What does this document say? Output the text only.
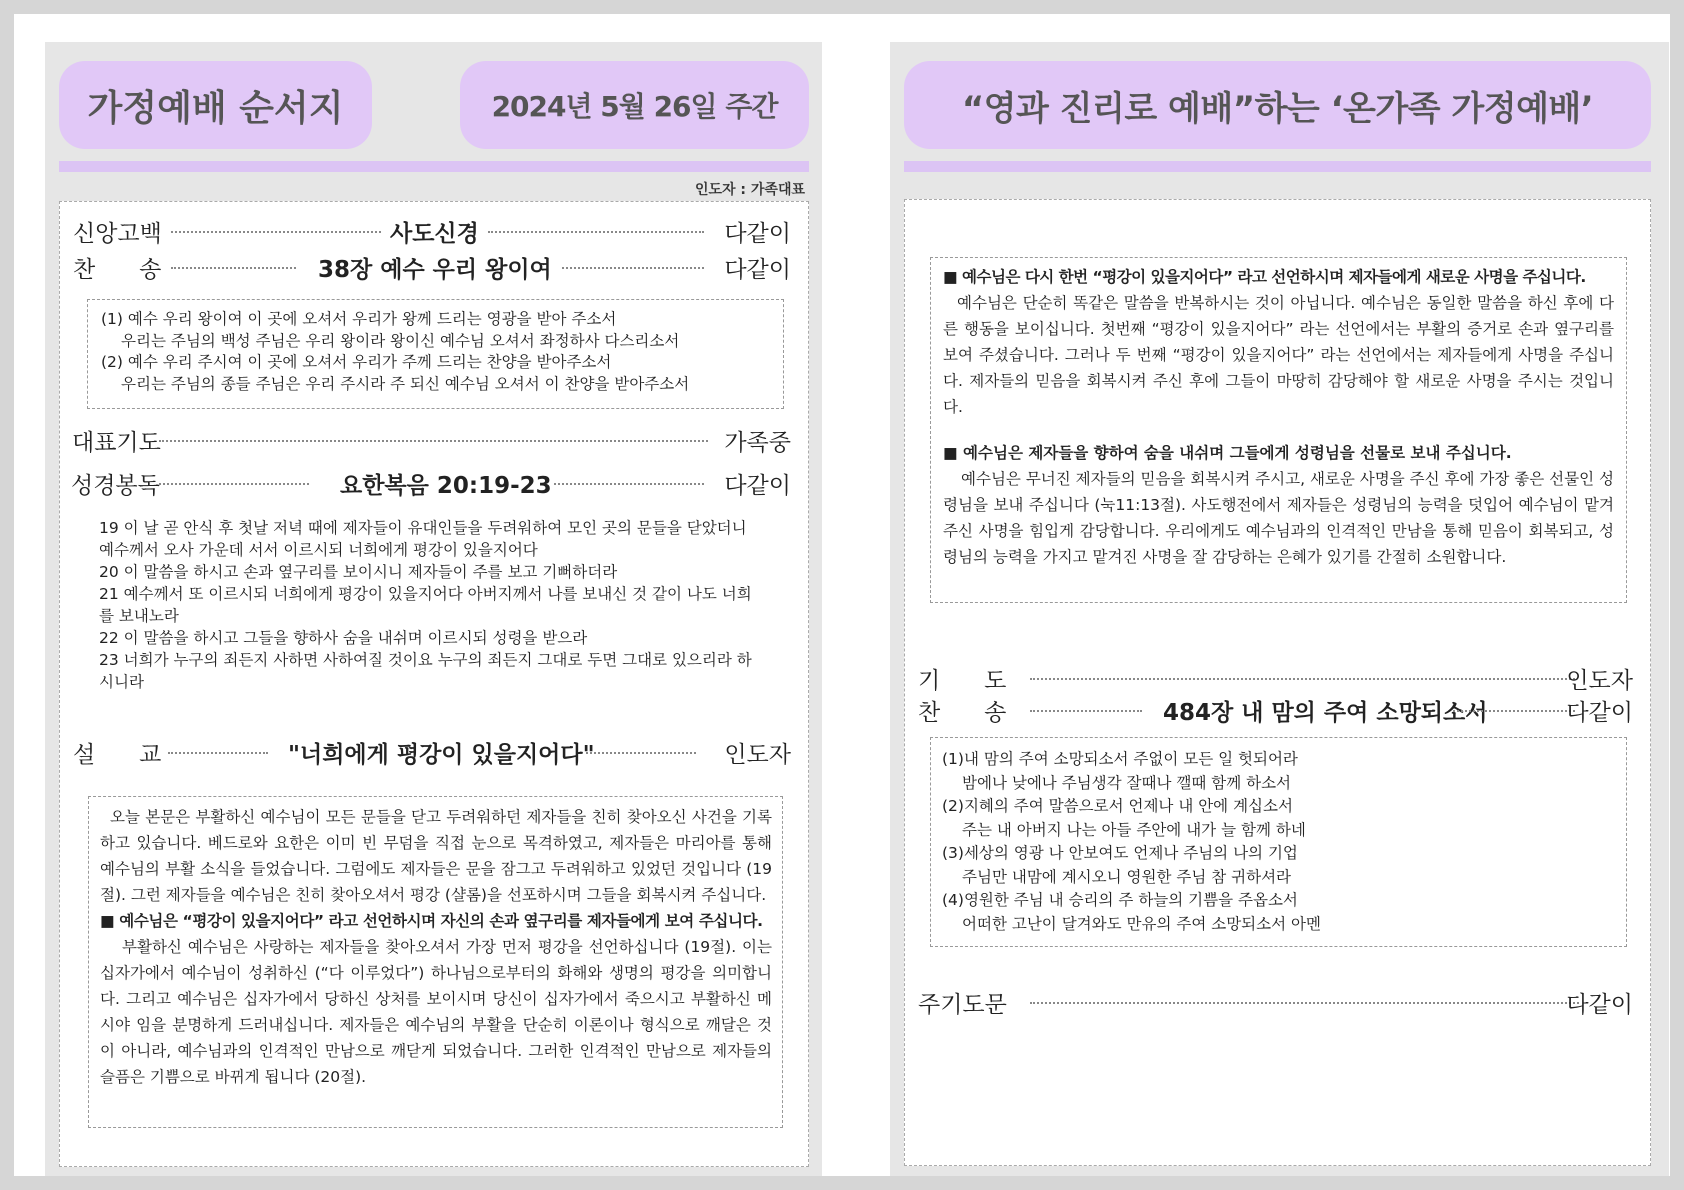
가정예배 순서지	2024년 5월 26일 주간
인도자 : 가족대표
신앙고백	사도신경	다같이
찬      송	38장 예수 우리 왕이여	다같이
(1) 예수 우리 왕이여 이 곳에 오셔서 우리가 왕께 드리는 영광을 받아 주소서
우리는 주님의 백성 주님은 우리 왕이라 왕이신 예수님 오셔서 좌정하사 다스리소서
(2) 예수 우리 주시여 이 곳에 오셔서 우리가 주께 드리는 찬양을 받아주소서
우리는 주님의 종들 주님은 우리 주시라 주 되신 예수님 오셔서 이 찬양을 받아주소서
대표기도	가족중
성경봉독	요한복음 20:19-23	다같이
19 이 날 곧 안식 후 첫날 저녁 때에 제자들이 유대인들을 두려워하여 모인 곳의 문들을 닫았더니
예수께서 오사 가운데 서서 이르시되 너희에게 평강이 있을지어다
20 이 말씀을 하시고 손과 옆구리를 보이시니 제자들이 주를 보고 기뻐하더라
21 예수께서 또 이르시되 너희에게 평강이 있을지어다 아버지께서 나를 보내신 것 같이 나도 너희
를 보내노라
22 이 말씀을 하시고 그들을 향하사 숨을 내쉬며 이르시되 성령을 받으라
23 너희가 누구의 죄든지 사하면 사하여질 것이요 누구의 죄든지 그대로 두면 그대로 있으리라 하
시니라
설      교	"너희에게 평강이 있을지어다"	인도자
오늘 본문은 부활하신 예수님이 모든 문들을 닫고 두려워하던 제자들을 친히 찾아오신 사건을 기록하고 있습니다. 베드로와 요한은 이미 빈 무덤을 직접 눈으로 목격하였고, 제자들은 마리아를 통해 예수님의 부활 소식을 들었습니다. 그럼에도 제자들은 문을 잠그고 두려워하고 있었던 것입니다 (19절). 그런 제자들을 예수님은 친히 찾아오셔서 평강 (샬롬)을 선포하시며 그들을 회복시켜 주십니다.
■ 예수님은 “평강이 있을지어다” 라고 선언하시며 자신의 손과 옆구리를 제자들에게 보여 주십니다.
부활하신 예수님은 사랑하는 제자들을 찾아오셔서 가장 먼저 평강을 선언하십니다 (19절). 이는 십자가에서 예수님이 성취하신 (“다 이루었다”) 하나님으로부터의 화해와 생명의 평강을 의미합니다. 그리고 예수님은 십자가에서 당하신 상처를 보이시며 당신이 십자가에서 죽으시고 부활하신 메시야 임을 분명하게 드러내십니다. 제자들은 예수님의 부활을 단순히 이론이나 형식으로 깨달은 것이 아니라, 예수님과의 인격적인 만남으로 깨닫게 되었습니다. 그러한 인격적인 만남으로 제자들의 슬픔은 기쁨으로 바뀌게 됩니다 (20절).
“영과 진리로 예배”하는 ‘온가족 가정예배’
■ 예수님은 다시 한번 “평강이 있을지어다” 라고 선언하시며 제자들에게 새로운 사명을 주십니다.
예수님은 단순히 똑같은 말씀을 반복하시는 것이 아닙니다. 예수님은 동일한 말씀을 하신 후에 다른 행동을 보이십니다. 첫번째 “평강이 있을지어다” 라는 선언에서는 부활의 증거로 손과 옆구리를 보여 주셨습니다. 그러나 두 번째 “평강이 있을지어다” 라는 선언에서는 제자들에게 사명을 주십니다. 제자들의 믿음을 회복시켜 주신 후에 그들이 마땅히 감당해야 할 새로운 사명을 주시는 것입니다.
■ 예수님은 제자들을 향하여 숨을 내쉬며 그들에게 성령님을 선물로 보내 주십니다.
예수님은 무너진 제자들의 믿음을 회복시켜 주시고, 새로운 사명을 주신 후에 가장 좋은 선물인 성령님을 보내 주십니다 (눅11:13절). 사도행전에서 제자들은 성령님의 능력을 덧입어 예수님이 맡겨주신 사명을 힘입게 감당합니다. 우리에게도 예수님과의 인격적인 만남을 통해 믿음이 회복되고, 성령님의 능력을 가지고 맡겨진 사명을 잘 감당하는 은혜가 있기를 간절히 소원합니다.
기      도	인도자
찬      송	484장 내 맘의 주여 소망되소서	다같이
(1)내 맘의 주여 소망되소서 주없이 모든 일 헛되어라
밤에나 낮에나 주님생각 잘때나 깰때 함께 하소서
(2)지혜의 주여 말씀으로서 언제나 내 안에 계십소서
주는 내 아버지 나는 아들 주안에 내가 늘 함께 하네
(3)세상의 영광 나 안보여도 언제나 주님의 나의 기업
주님만 내맘에 계시오니 영원한 주님 참 귀하셔라
(4)영원한 주님 내 승리의 주 하늘의 기쁨을 주옵소서
어떠한 고난이 달겨와도 만유의 주여 소망되소서 아멘
주기도문	다같이
